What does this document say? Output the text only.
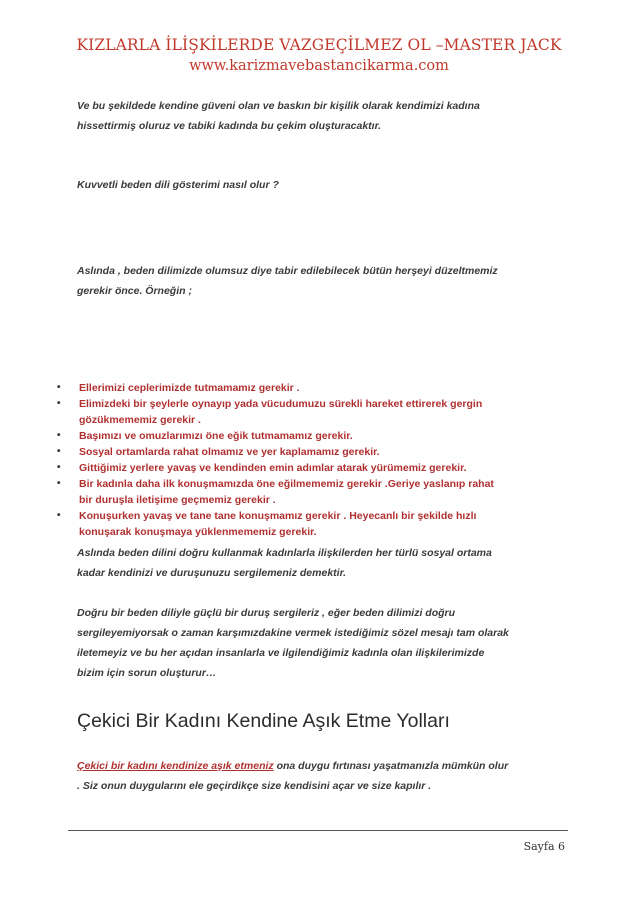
KIZLARLA İLİŞKİLERDE VAZGEÇİLMEZ OL –MASTER JACK
www.karizmavebastancikarma.com
Ve bu şekildede kendine güveni olan ve baskın bir kişilik olarak kendimizi kadına
hissettirmiş oluruz ve tabiki kadında bu çekim oluşturacaktır.
Kuvvetli beden dili gösterimi nasıl olur ?
Aslında , beden dilimizde olumsuz diye tabir edilebilecek bütün herşeyi düzeltmemiz
gerekir önce. Örneğin ;
• Ellerimizi ceplerimizde tutmamamız gerekir .
• Elimizdeki bir şeylerle oynayıp yada vücudumuzu sürekli hareket ettirerek gergin
gözükmememiz gerekir .
• Başımızı ve omuzlarımızı öne eğik tutmamamız gerekir.
• Sosyal ortamlarda rahat olmamız ve yer kaplamamız gerekir.
• Gittiğimiz yerlere yavaş ve kendinden emin adımlar atarak yürümemiz gerekir.
• Bir kadınla daha ilk konuşmamızda öne eğilmememiz gerekir .Geriye yaslanıp rahat
bir duruşla iletişime geçmemiz gerekir .
• Konuşurken yavaş ve tane tane konuşmamız gerekir . Heyecanlı bir şekilde hızlı
konuşarak konuşmaya yüklenmememiz gerekir.
Aslında beden dilini doğru kullanmak kadınlarla ilişkilerden her türlü sosyal ortama
kadar kendinizi ve duruşunuzu sergilemeniz demektir.
Doğru bir beden diliyle güçlü bir duruş sergileriz , eğer beden dilimizi doğru
sergileyemiyorsak o zaman karşımızdakine vermek istediğimiz sözel mesajı tam olarak
iletemeyiz ve bu her açıdan insanlarla ve ilgilendiğimiz kadınla olan ilişkilerimizde
bizim için sorun oluşturur…
Çekici Bir Kadını Kendine Aşık Etme Yolları
Çekici bir kadını kendinize aşık etmeniz ona duygu fırtınası yaşatmanızla mümkün olur
. Siz onun duygularını ele geçirdikçe size kendisini açar ve size kapılır .
Sayfa 6
